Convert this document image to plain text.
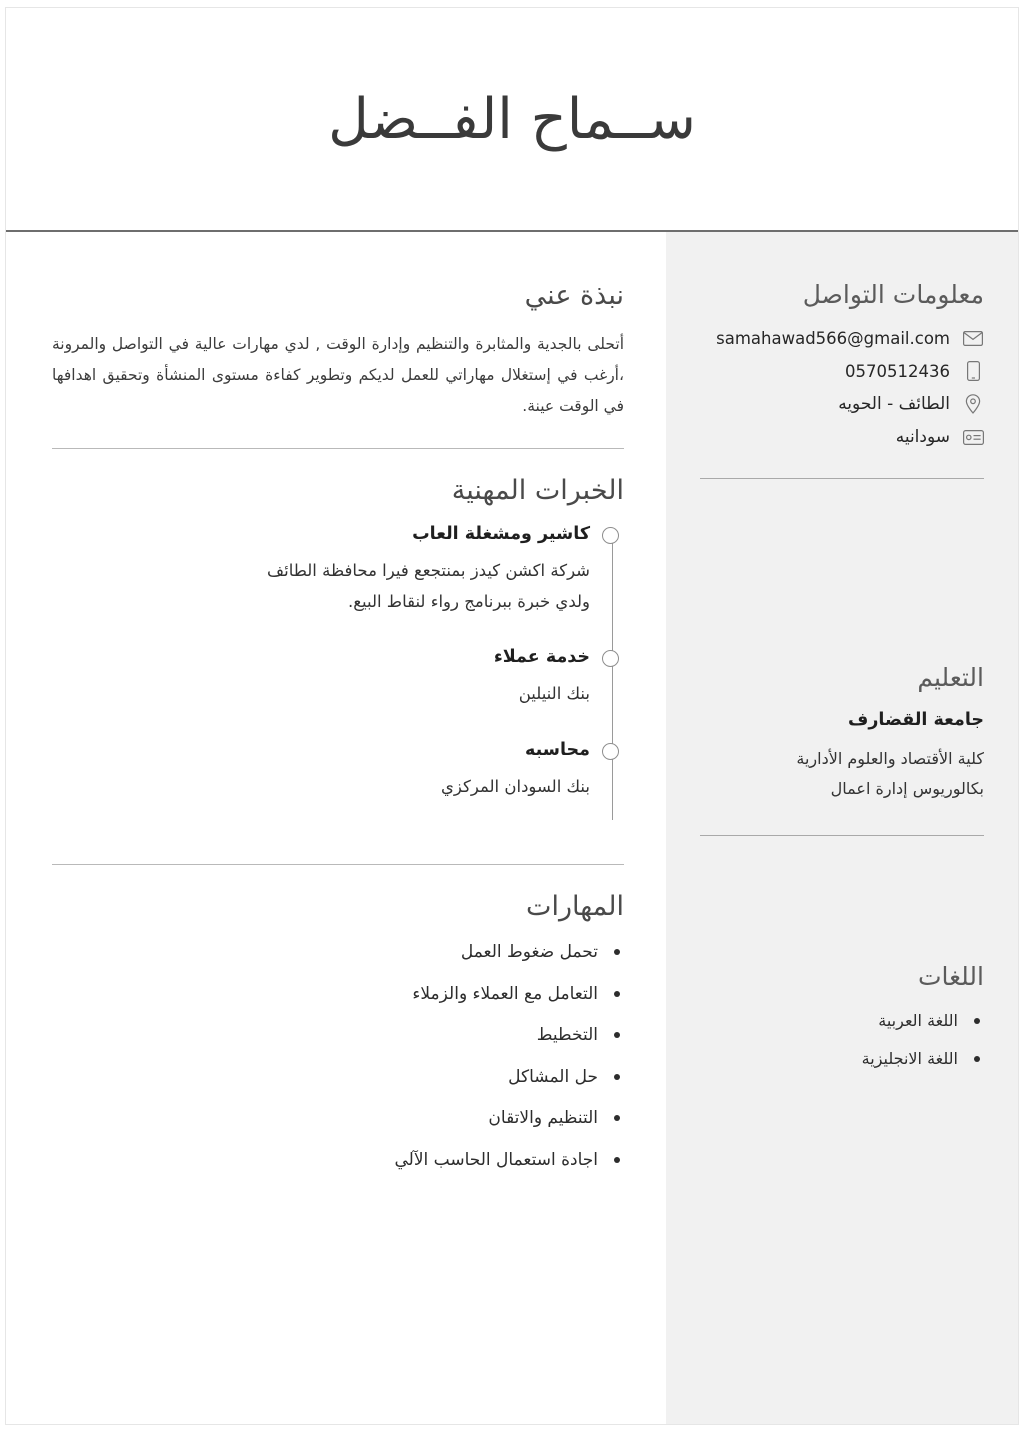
ســماح الفــضل
معلومات التواصل
samahawad566@gmail.com
0570512436
الطائف - الحويه
سودانيه
التعليم
جامعة القضارف
كلية الأقتصاد والعلوم الأدارية
بكالوريوس إدارة اعمال
اللغات
اللغة العربية
اللغة الانجليزية
نبذة عني

أتحلى بالجدية والمثابرة والتنظيم وإدارة الوقت , لدي مهارات عالية في التواصل والمرونة ،أرغب في إستغلال مهاراتي للعمل لديكم وتطوير كفاءة مستوى المنشأة وتحقيق اهدافها في الوقت عينة.

الخبرات المهنية
كاشير ومشغلة العاب
شركة اكشن كيدز بمنتجعع فيرا محافظة الطائف
ولدي خبرة ببرنامج رواء لنقاط البيع.
خدمة عملاء
بنك النيلين
محاسبه
بنك السودان المركزي
المهارات
تحمل ضغوط العمل
التعامل مع العملاء والزملاء
التخطيط
حل المشاكل
التنظيم والاتقان
اجادة استعمال الحاسب الآلي
